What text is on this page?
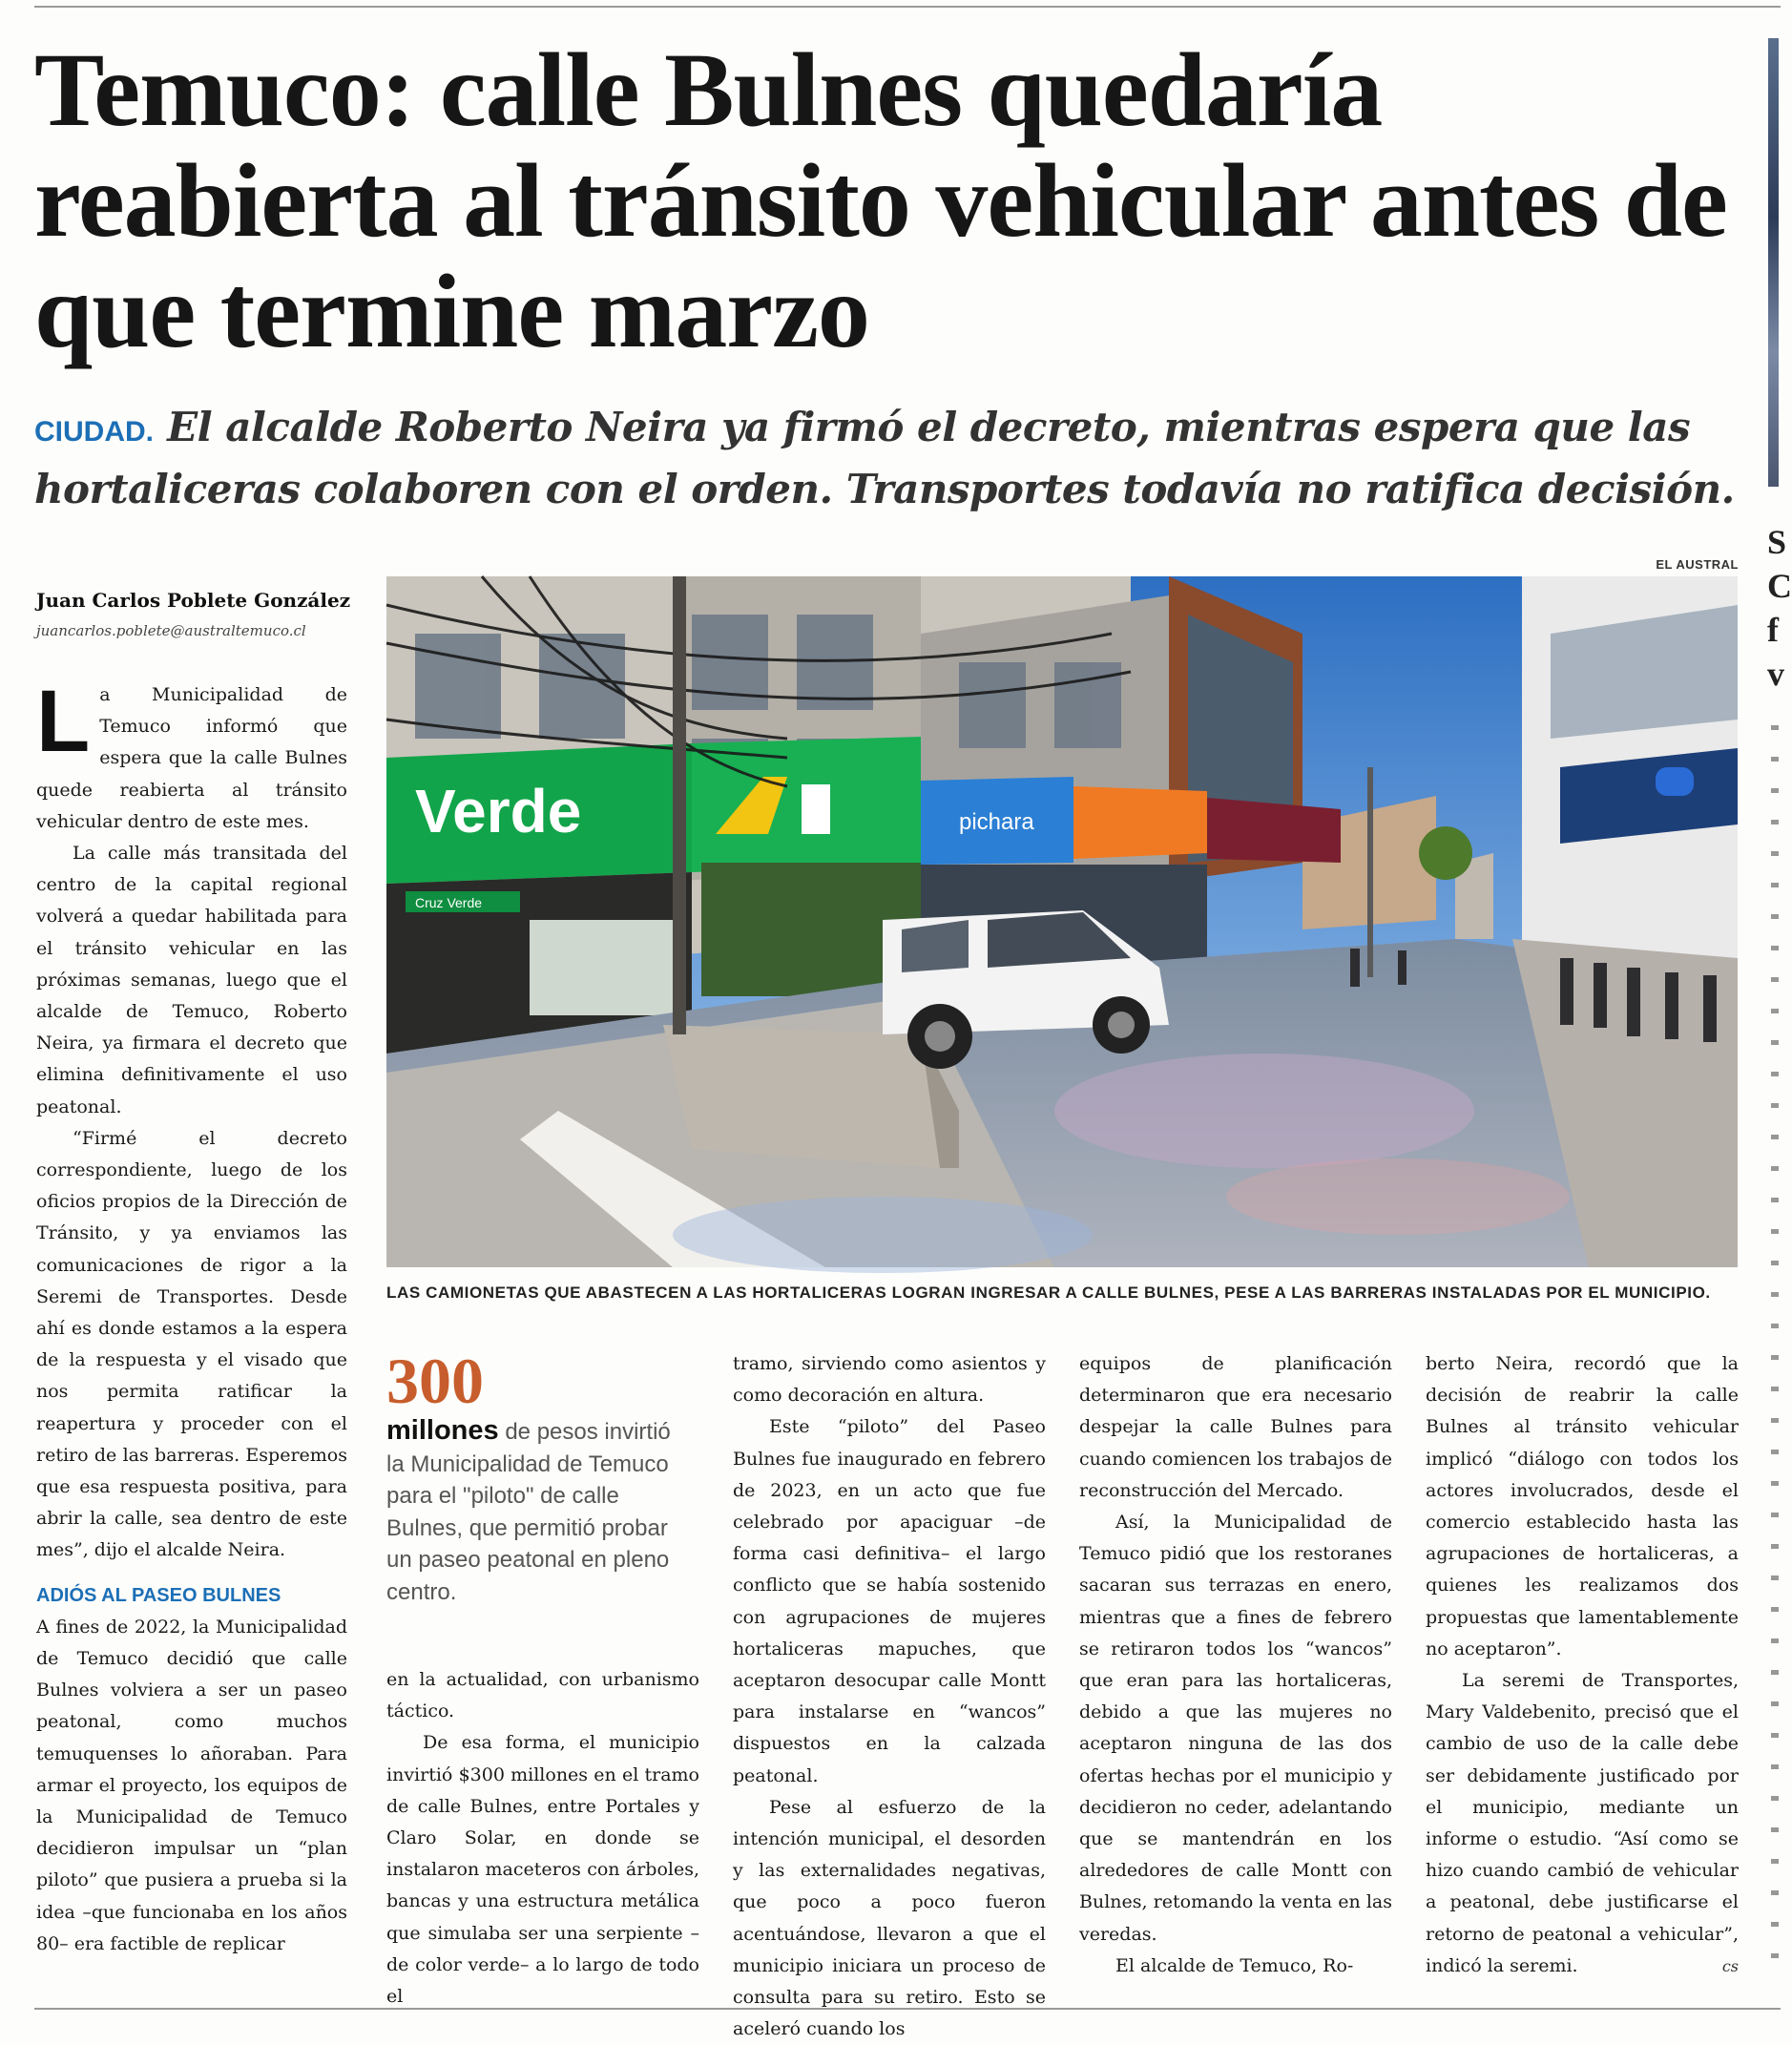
S
C
f
v
Temuco: calle Bulnes quedaría reabierta al tránsito vehicular antes de que termine marzo
CIUDAD. El alcalde Roberto Neira ya firmó el decreto, mientras espera que las hortaliceras colaboren con el orden. Transportes todavía no ratifica decisión.
Juan Carlos Poblete González
juancarlos.poblete@australtemuco.cl

La Municipalidad de Temuco informó que espera que la calle Bulnes quede reabierta al tránsito vehicular dentro de este mes.

La calle más transitada del centro de la capital regional volverá a quedar habilitada para el tránsito vehicular en las próximas semanas, luego que el alcalde de Temuco, Roberto Neira, ya firmara el decreto que elimina definitivamente el uso peatonal.

“Firmé el decreto correspondiente, luego de los oficios propios de la Dirección de Tránsito, y ya enviamos las comunicaciones de rigor a la Seremi de Transportes. Desde ahí es donde estamos a la espera de la respuesta y el visado que nos permita ratificar la reapertura y proceder con el retiro de las barreras. Esperemos que esa respuesta positiva, para abrir la calle, sea dentro de este mes”, dijo el alcalde Neira.

ADIÓS AL PASEO BULNES

A fines de 2022, la Municipalidad de Temuco decidió que calle Bulnes volviera a ser un paseo peatonal, como muchos temuquenses lo añoraban. Para armar el proyecto, los equipos de la Municipalidad de Temuco decidieron impulsar un “plan piloto” que pusiera a prueba si la idea –que funcionaba en los años 80– era factible de replicar

EL AUSTRAL
Verde	pichara
Cruz Verde
LAS CAMIONETAS QUE ABASTECEN A LAS HORTALICERAS LOGRAN INGRESAR A CALLE BULNES, PESE A LAS BARRERAS INSTALADAS POR EL MUNICIPIO.
300
millones de pesos invirtió la Municipalidad de Temuco para el "piloto" de calle Bulnes, que permitió probar un paseo peatonal en pleno centro.

en la actualidad, con urbanismo táctico.

De esa forma, el municipio invirtió $300 millones en el tramo de calle Bulnes, entre Portales y Claro Solar, en donde se instalaron maceteros con árboles, bancas y una estructura metálica que simulaba ser una serpiente –de color verde– a lo largo de todo el

tramo, sirviendo como asientos y como decoración en altura.

Este “piloto” del Paseo Bulnes fue inaugurado en febrero de 2023, en un acto que fue celebrado por apaciguar –de forma casi definitiva– el largo conflicto que se había sostenido con agrupaciones de mujeres hortaliceras mapuches, que aceptaron desocupar calle Montt para instalarse en “wancos” dispuestos en la calzada peatonal.

Pese al esfuerzo de la intención municipal, el desorden y las externalidades negativas, que poco a poco fueron acentuándose, llevaron a que el municipio iniciara un proceso de consulta para su retiro. Esto se aceleró cuando los

equipos de planificación determinaron que era necesario despejar la calle Bulnes para cuando comiencen los trabajos de reconstrucción del Mercado.

Así, la Municipalidad de Temuco pidió que los restoranes sacaran sus terrazas en enero, mientras que a fines de febrero se retiraron todos los “wancos” que eran para las hortaliceras, debido a que las mujeres no aceptaron ninguna de las dos ofertas hechas por el municipio y decidieron no ceder, adelantando que se mantendrán en los alrededores de calle Montt con Bulnes, retomando la venta en las veredas.

El alcalde de Temuco, Ro-

berto Neira, recordó que la decisión de reabrir la calle Bulnes al tránsito vehicular implicó “diálogo con todos los actores involucrados, desde el comercio establecido hasta las agrupaciones de hortaliceras, a quienes les realizamos dos propuestas que lamentablemente no aceptaron”.

La seremi de Transportes, Mary Valdebenito, precisó que el cambio de uso de la calle debe ser debidamente justificado por el municipio, mediante un informe o estudio. “Así como se hizo cuando cambió de vehicular a peatonal, debe justificarse el retorno de peatonal a vehicular”, indicó la seremi.	cs
